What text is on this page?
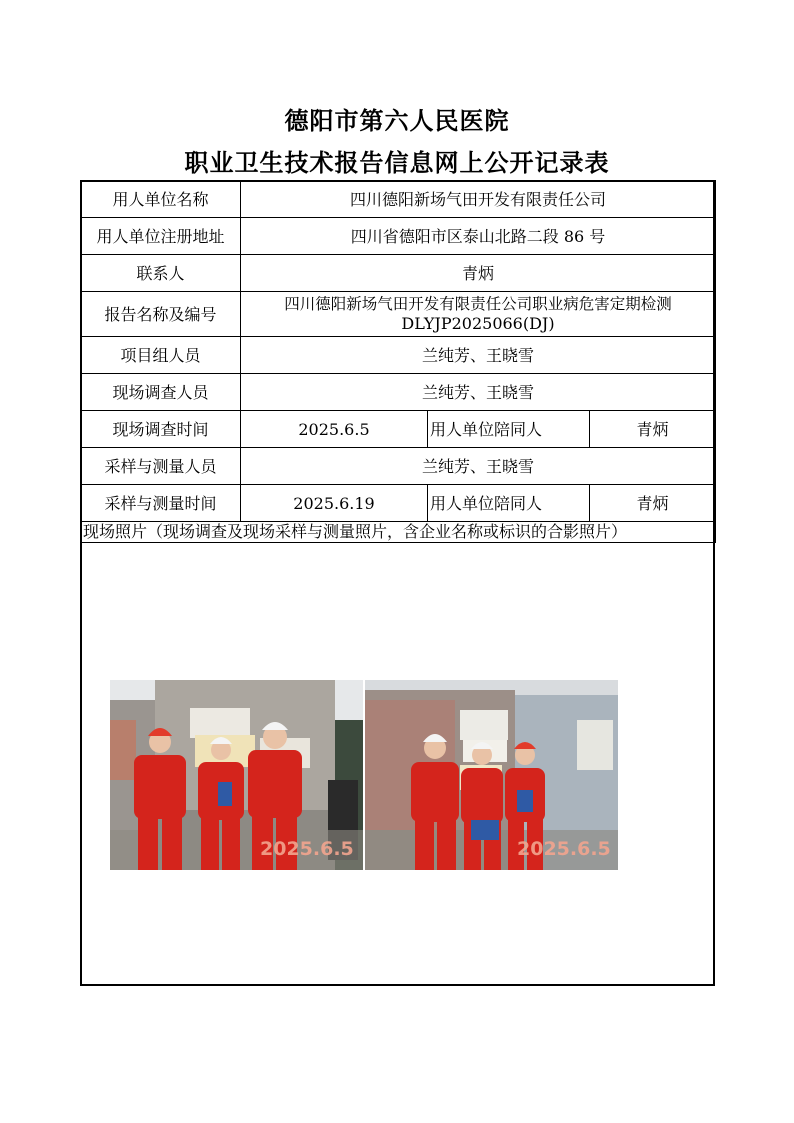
德阳市第六人民医院
职业卫生技术报告信息网上公开记录表
用人单位名称	四川德阳新场气田开发有限责任公司		
用人单位注册地址	四川省德阳市区泰山北路二段 86 号		
联系人	青炳		
报告名称及编号	四川德阳新场气田开发有限责任公司职业病危害定期检测
DLYJP2025066(DJ)		

项目组人员	兰纯芳、王晓雪		
现场调查人员	兰纯芳、王晓雪		
现场调查时间	2025.6.5	用人单位陪同人	青炳
采样与测量人员	兰纯芳、王晓雪		
采样与测量时间	2025.6.19	用人单位陪同人	青炳
现场照片（现场调查及现场采样与测量照片，含企业名称或标识的合影照片）			
2025.6.5	2025.6.5
